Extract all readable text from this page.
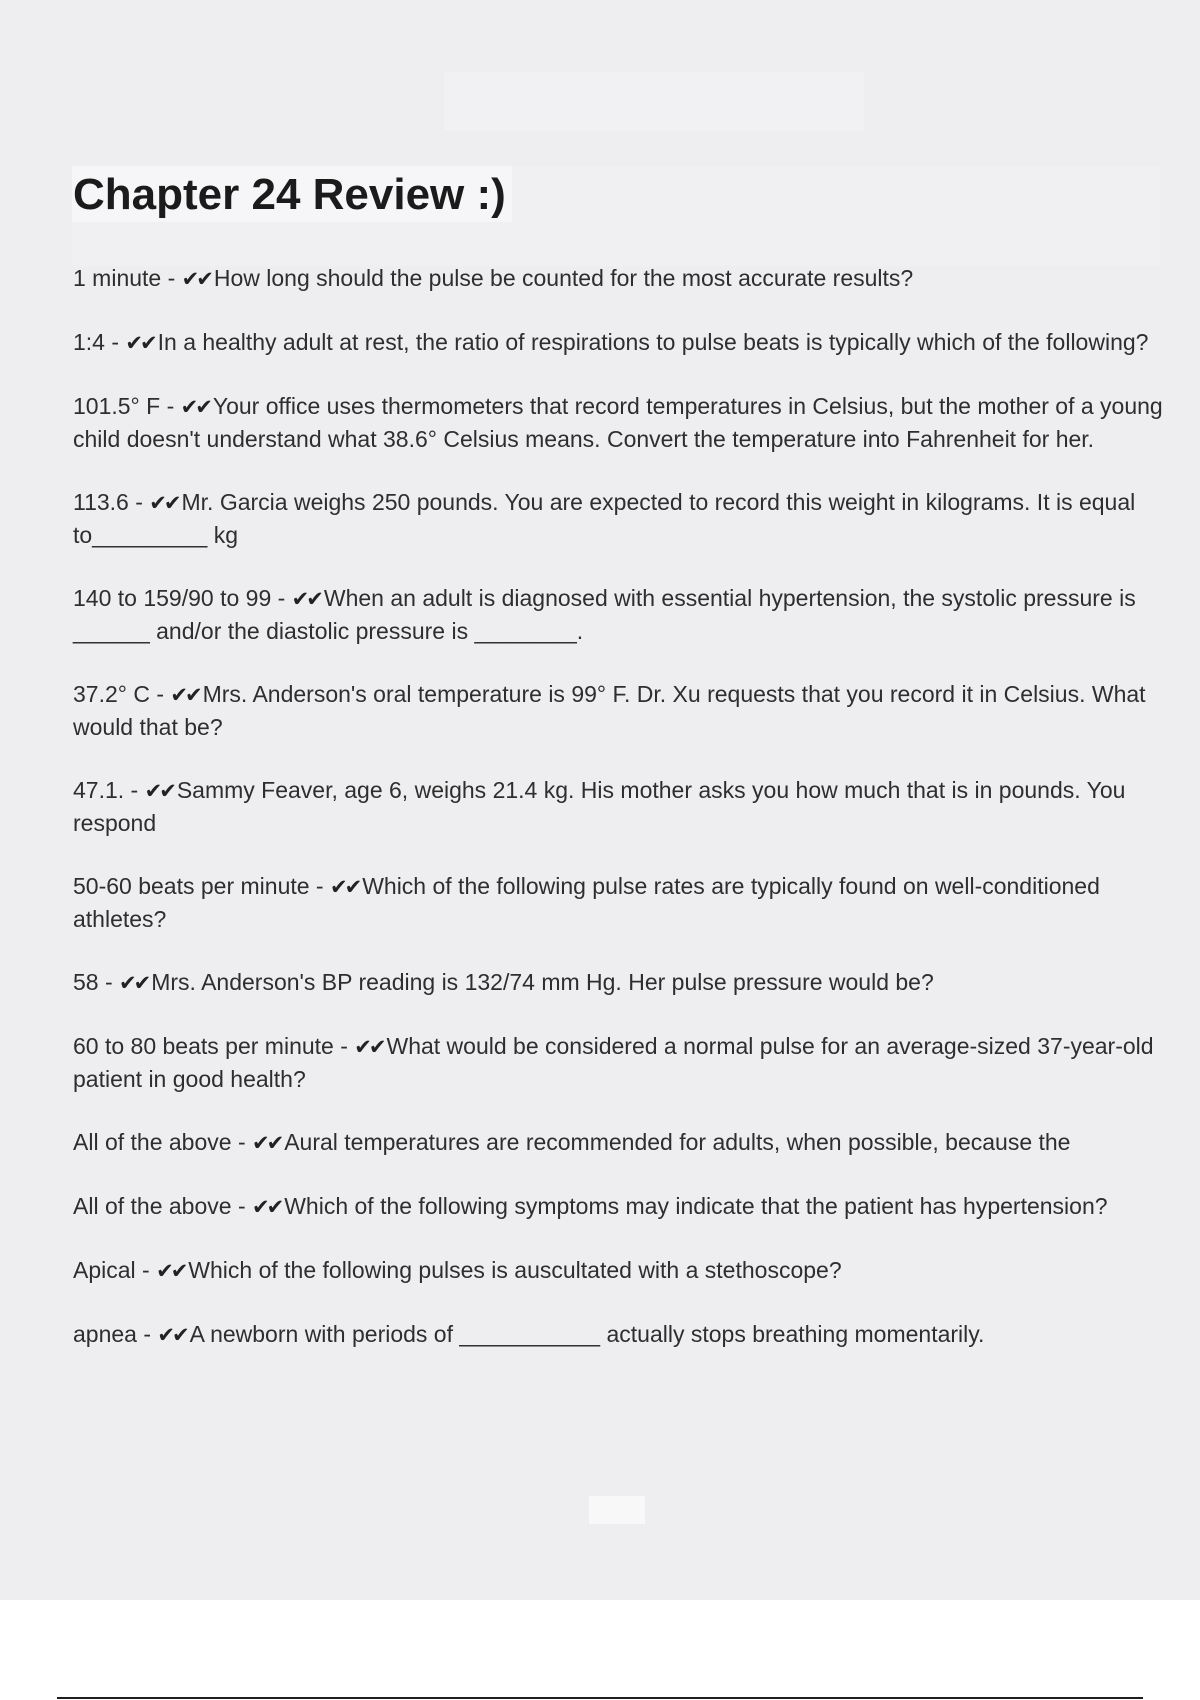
Chapter 24 Review :)

1 minute - ✔✔ How long should the pulse be counted for the most accurate results?

1:4 - ✔✔ In a healthy adult at rest, the ratio of respirations to pulse beats is typically which of the following?

101.5° F - ✔✔ Your office uses thermometers that record temperatures in Celsius, but the mother of a young child doesn't understand what 38.6° Celsius means. Convert the temperature into Fahrenheit for her.

113.6 - ✔✔ Mr. Garcia weighs 250 pounds. You are expected to record this weight in kilograms. It is equal to_________ kg

140 to 159/90 to 99 - ✔✔ When an adult is diagnosed with essential hypertension, the systolic pressure is ______ and/or the diastolic pressure is ________.

37.2° C - ✔✔ Mrs. Anderson's oral temperature is 99° F. Dr. Xu requests that you record it in Celsius. What would that be?

47.1. - ✔✔ Sammy Feaver, age 6, weighs 21.4 kg. His mother asks you how much that is in pounds. You respond

50-60 beats per minute - ✔✔ Which of the following pulse rates are typically found on well-conditioned athletes?

58 - ✔✔ Mrs. Anderson's BP reading is 132/74 mm Hg. Her pulse pressure would be?

60 to 80 beats per minute - ✔✔ What would be considered a normal pulse for an average-sized 37-year-old patient in good health?

All of the above - ✔✔ Aural temperatures are recommended for adults, when possible, because the

All of the above - ✔✔ Which of the following symptoms may indicate that the patient has hypertension?

Apical - ✔✔ Which of the following pulses is auscultated with a stethoscope?

apnea - ✔✔ A newborn with periods of ___________ actually stops breathing momentarily.
